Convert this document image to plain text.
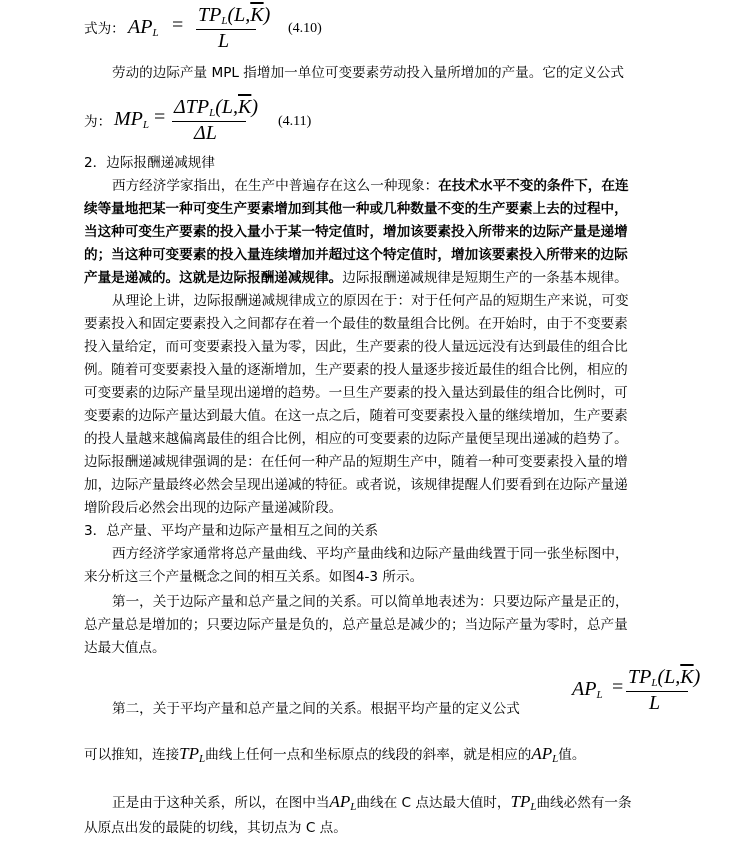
式为： $AP_L = TP_L(L,\overline{K})$
L
(4.10)
劳动的边际产量 MPL 指增加一单位可变要素劳动投入量所增加的产量。它的定义公式
为： $MP_L = \Delta TP_L(L,\overline{K})$
ΔL
(4.11)
2．边际报酬递减规律
西方经济学家指出，在生产中普遍存在这么一种现象：在技术水平不变的条件下，在连
续等量地把某一种可变生产要素增加到其他一种或几种数量不变的生产要素上去的过程中，
当这种可变生产要素的投入量小于某一特定值时，增加该要素投入所带来的边际产量是递增
的；当这种可变要素的投入量连续增加并超过这个特定值时，增加该要素投入所带来的边际
产量是递减的。这就是边际报酬递减规律。边际报酬递减规律是短期生产的一条基本规律。
从理论上讲，边际报酬递减规律成立的原因在于：对于任何产品的短期生产来说，可变
要素投入和固定要素投入之间都存在着一个最佳的数量组合比例。在开始时，由于不变要素
投入量给定，而可变要素投入量为零，因此，生产要素的役人量远远没有达到最佳的组合比
例。随着可变要素投入量的逐渐增加，生产要素的投人量逐步接近最佳的组合比例，相应的
可变要素的边际产量呈现出递增的趋势。一旦生产要素的投入量达到最佳的组合比例时，可
变要素的边际产量达到最大值。在这一点之后，随着可变要素投入量的继续增加，生产要素
的投人量越来越偏离最佳的组合比例，相应的可变要素的边际产量便呈现出递减的趋势了。
边际报酬递减规律强调的是：在任何一种产品的短期生产中，随着一种可变要素投入量的增
加，边际产量最终必然会呈现出递减的特征。或者说，该规律提醒人们要看到在边际产量递
增阶段后必然会出现的边际产量递减阶段。
3．总产量、平均产量和边际产量相互之间的关系
西方经济学家通常将总产量曲线、平均产量曲线和边际产量曲线置于同一张坐标图中，
来分析这三个产量概念之间的相互关系。如图4-3 所示。
第一，关于边际产量和总产量之间的关系。可以简单地表述为：只要边际产量是正的，
总产量总是增加的；只要边际产量是负的，总产量总是减少的；当边际产量为零时，总产量
达最大值点。
第二，关于平均产量和总产量之间的关系。根据平均产量的定义公式
$AP_L = TP_L(L,\overline{K})$
L
可以推知，连接$TP_L$曲线上任何一点和坐标原点的线段的斜率，就是相应的$AP_L$值。
正是由于这种关系，所以，在图中当$AP_L$曲线在 C 点达最大值时，$TP_L$曲线必然有一条
从原点出发的最陡的切线，其切点为 C 点。
